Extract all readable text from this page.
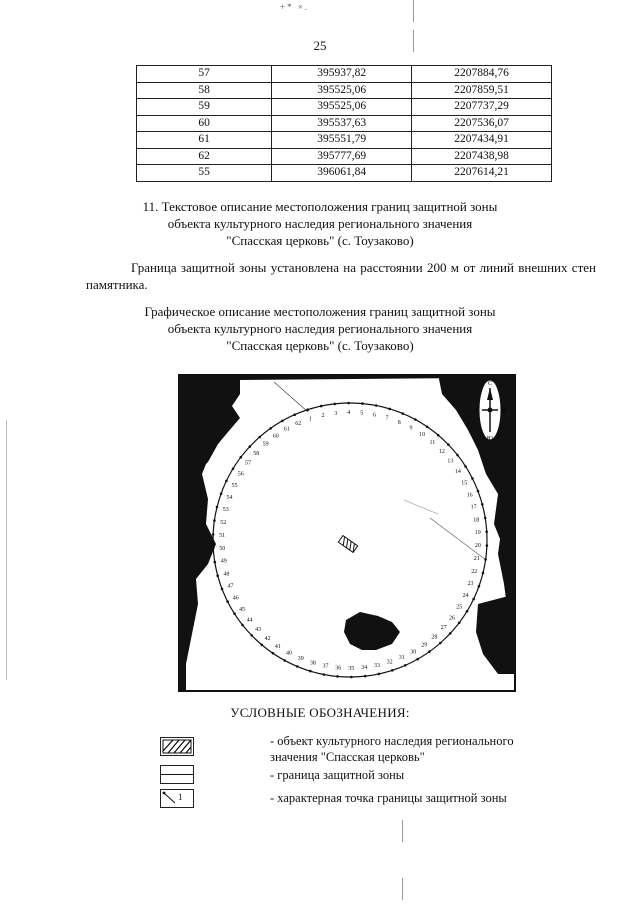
+* ×.
25
57	395937,82	2207884,76
58	395525,06	2207859,51
59	395525,06	2207737,29
60	395537,63	2207536,07
61	395551,79	2207434,91
62	395777,69	2207438,98
55	396061,84	2207614,21
11. Текстовое описание местоположения границ защитной зоны
объекта культурного наследия регионального значения
"Спасская церковь" (с. Тоузаково)
Граница защитной зоны установлена на расстоянии 200 м от линий внешних стен памятника.
Графическое описание местоположения границ защитной зоны
объекта культурного наследия регионального значения
"Спасская церковь" (с. Тоузаково)
1
2 3 4 5 6
7
8
9
10
11
12
13
14
15
16
17
18
19
20
21
22
23
24
25
26
27
28
29
30
31
32
33
34
35
36
37
38
39
40
41
42
43
44
45
46
47
48
49
50
51
52
53
54
55
56
57
58
59
60
61
62
С
Ю
З	В
УСЛОВНЫЕ ОБОЗНАЧЕНИЯ:
- объект культурного наследия регионального
значения "Спасская церковь"
- граница защитной зоны
1	- характерная точка границы защитной зоны
